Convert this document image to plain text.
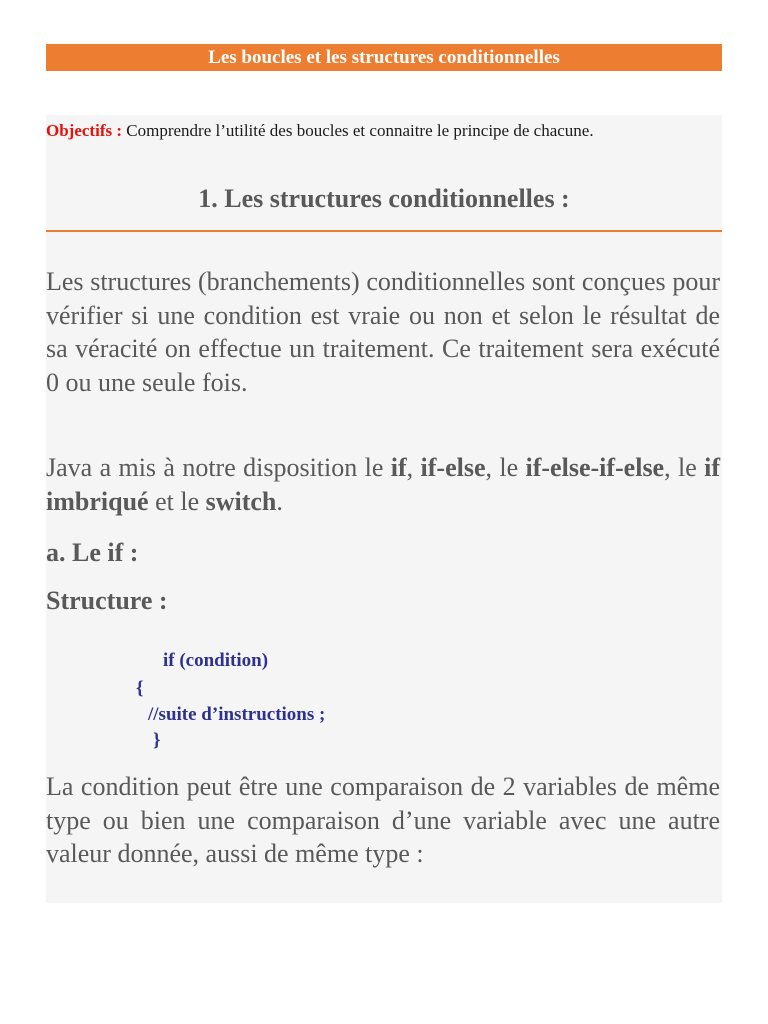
Les boucles et les structures conditionnelles
Objectifs : Comprendre l’utilité des boucles et connaitre le principe de chacune.
1. Les structures conditionnelles :
Les structures (branchements) conditionnelles sont conçues pour vérifier si une condition est vraie ou non et selon le résultat de sa véracité on effectue un traitement. Ce traitement sera exécuté 0 ou une seule fois.
Java a mis à notre disposition le if, if-else, le if-else-if-else, le if imbriqué et le switch.
a. Le if :
Structure :
if (condition)
{
//suite d’instructions ;
}
La condition peut être une comparaison de 2 variables de même type ou bien une comparaison d’une variable avec une autre valeur donnée, aussi de même type :
